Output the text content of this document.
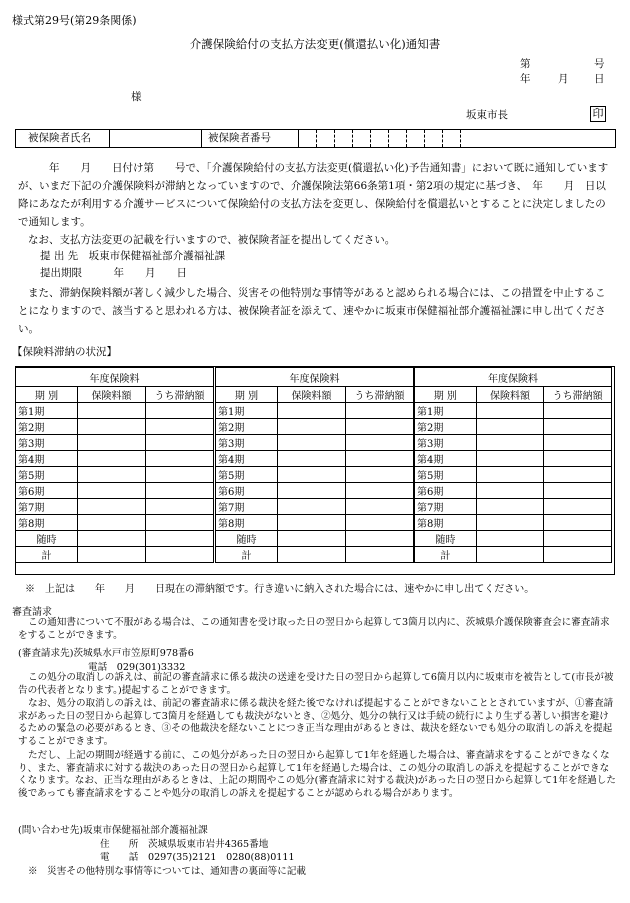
様式第29号(第29条関係)
介護保険給付の支払方法変更(償還払い化)通知書
第	号
年	月 日
様
坂東市長	印
被保険者氏名	被保険者番号
　　年　　月　　日付け第　　号で、「介護保険給付の支払方法変更(償還払い化)予告通知書」において既に通知していますが、いまだ下記の介護保険料が滞納となっていますので、介護保険法第66条第1項・第2項の規定に基づき、　年　　月　日以降にあなたが利用する介護サービスについて保険給付の支払方法を変更し、保険給付を償還払いとすることに決定しましたので通知します。
なお、支払方法変更の記載を行いますので、被保険者証を提出してください。
提 出 先　坂東市保健福祉部介護福祉課
提出期限　　　年　　月　　日
また、滞納保険料額が著しく減少した場合、災害その他特別な事情等があると認められる場合には、この措置を中止することになりますので、該当すると思われる方は、被保険者証を添えて、速やかに坂東市保健福祉部介護福祉課に申し出てください。
【保険料滞納の状況】
年度保険料		
期 別	保険料額	うち滞納額
第1期		
第2期		
第3期		
第4期		
第5期		
第6期		
第7期		
第8期		
随時		
計		
年度保険料		
期 別	保険料額	うち滞納額
第1期		
第2期		
第3期		
第4期		
第5期		
第6期		
第7期		
第8期		
随時		
計		
年度保険料		
期 別	保険料額	うち滞納額
第1期		
第2期		
第3期		
第4期		
第5期		
第6期		
第7期		
第8期		
随時		
計		
※　上記は　　年　　月　　日現在の滞納額です。行き違いに納入された場合には、速やかに申し出てください。
審査請求
この通知書について不服がある場合は、この通知書を受け取った日の翌日から起算して3箇月以内に、茨城県介護保険審査会に審査請求をすることができます。
(審査請求先)茨城県水戸市笠原町978番6
電話　029(301)3332
この処分の取消しの訴えは、前記の審査請求に係る裁決の送達を受けた日の翌日から起算して6箇月以内に坂東市を被告として(市長が被告の代表者となります。)提起することができます。
なお、処分の取消しの訴えは、前記の審査請求に係る裁決を経た後でなければ提起することができないこととされていますが、①審査請求があった日の翌日から起算して3箇月を経過しても裁決がないとき、②処分、処分の執行又は手続の続行により生ずる著しい損害を避けるための緊急の必要があるとき、③その他裁決を経ないことにつき正当な理由があるときは、裁決を経ないでも処分の取消しの訴えを提起することができます。
ただし、上記の期間が経過する前に、この処分があった日の翌日から起算して1年を経過した場合は、審査請求をすることができなくなり、また、審査請求に対する裁決のあった日の翌日から起算して1年を経過した場合は、この処分の取消しの訴えを提起することができなくなります。なお、正当な理由があるときは、上記の期間やこの処分(審査請求に対する裁決)があった日の翌日から起算して1年を経過した後であっても審査請求をすることや処分の取消しの訴えを提起することが認められる場合があります。
(問い合わせ先)坂東市保健福祉部介護福祉課
住　　所　茨城県坂東市岩井4365番地
電　　話　0297(35)2121　0280(88)0111
※　災害その他特別な事情等については、通知書の裏面等に記載
